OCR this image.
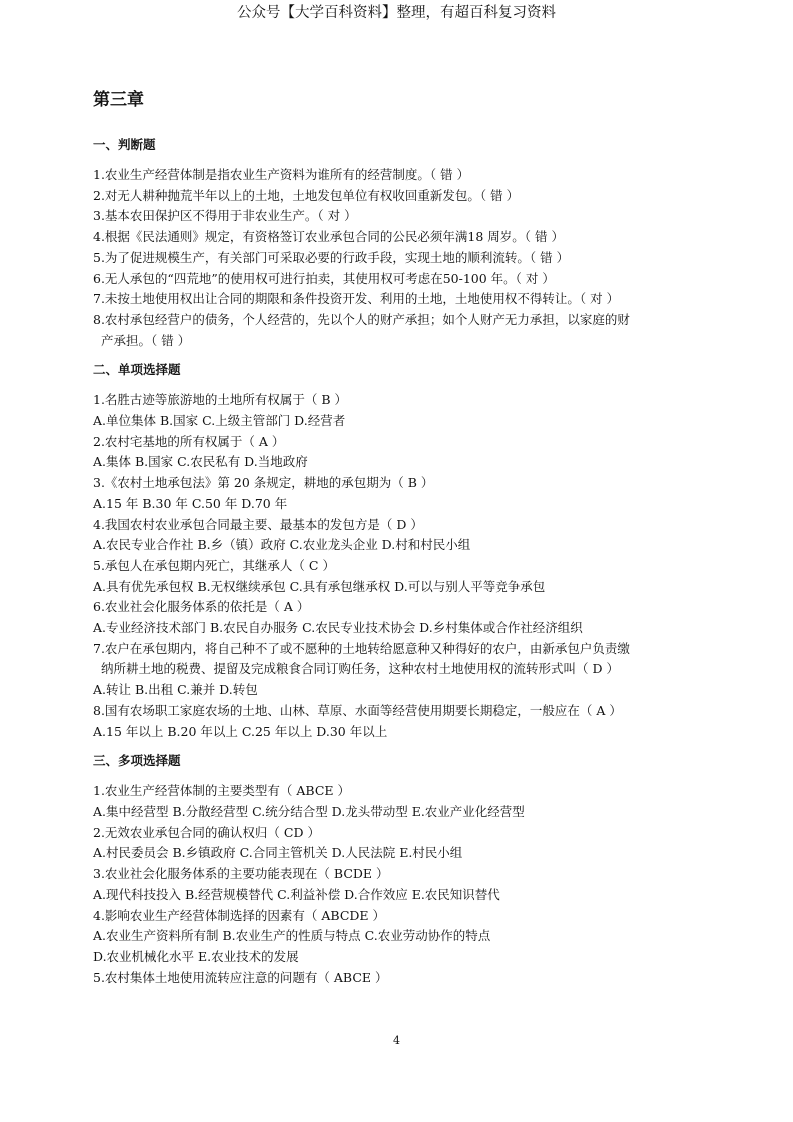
公众号【大学百科资料】整理，有超百科复习资料
第三章
一、判断题
1.农业生产经营体制是指农业生产资料为谁所有的经营制度。（ 错 ）
2.对无人耕种抛荒半年以上的土地，土地发包单位有权收回重新发包。（ 错 ）
3.基本农田保护区不得用于非农业生产。（ 对 ）
4.根据《民法通则》规定，有资格签订农业承包合同的公民必须年满18 周岁。（ 错 ）
5.为了促进规模生产，有关部门可采取必要的行政手段，实现土地的顺利流转。（ 错 ）
6.无人承包的“四荒地”的使用权可进行拍卖，其使用权可考虑在50-100 年。（ 对 ）
7.未按土地使用权出让合同的期限和条件投资开发、利用的土地，土地使用权不得转让。（ 对 ）
8.农村承包经营户的债务，个人经营的，先以个人的财产承担；如个人财产无力承担，以家庭的财
产承担。（ 错 ）
二、单项选择题
1.名胜古迹等旅游地的土地所有权属于（ B ）
A.单位集体 B.国家 C.上级主管部门 D.经营者
2.农村宅基地的所有权属于（ A ）
A.集体 B.国家 C.农民私有 D.当地政府
3.《农村土地承包法》第 20 条规定，耕地的承包期为（ B ）
A.15 年 B.30 年 C.50 年 D.70 年
4.我国农村农业承包合同最主要、最基本的发包方是（ D ）
A.农民专业合作社 B.乡（镇）政府 C.农业龙头企业 D.村和村民小组
5.承包人在承包期内死亡，其继承人（ C ）
A.具有优先承包权 B.无权继续承包 C.具有承包继承权 D.可以与别人平等竞争承包
6.农业社会化服务体系的依托是（ A ）
A.专业经济技术部门 B.农民自办服务 C.农民专业技术协会 D.乡村集体或合作社经济组织
7.农户在承包期内，将自己种不了或不愿种的土地转给愿意种又种得好的农户，由新承包户负责缴
纳所耕土地的税费、提留及完成粮食合同订购任务，这种农村土地使用权的流转形式叫（ D ）
A.转让 B.出租 C.兼并 D.转包
8.国有农场职工家庭农场的土地、山林、草原、水面等经营使用期要长期稳定，一般应在（ A ）
A.15 年以上 B.20 年以上 C.25 年以上 D.30 年以上
三、多项选择题
1.农业生产经营体制的主要类型有（ ABCE ）
A.集中经营型 B.分散经营型 C.统分结合型 D.龙头带动型 E.农业产业化经营型
2.无效农业承包合同的确认权归（ CD ）
A.村民委员会 B.乡镇政府 C.合同主管机关 D.人民法院 E.村民小组
3.农业社会化服务体系的主要功能表现在（ BCDE ）
A.现代科技投入 B.经营规模替代 C.利益补偿 D.合作效应 E.农民知识替代
4.影响农业生产经营体制选择的因素有（ ABCDE ）
A.农业生产资料所有制 B.农业生产的性质与特点 C.农业劳动协作的特点
D.农业机械化水平 E.农业技术的发展
5.农村集体土地使用流转应注意的问题有（ ABCE ）
4
